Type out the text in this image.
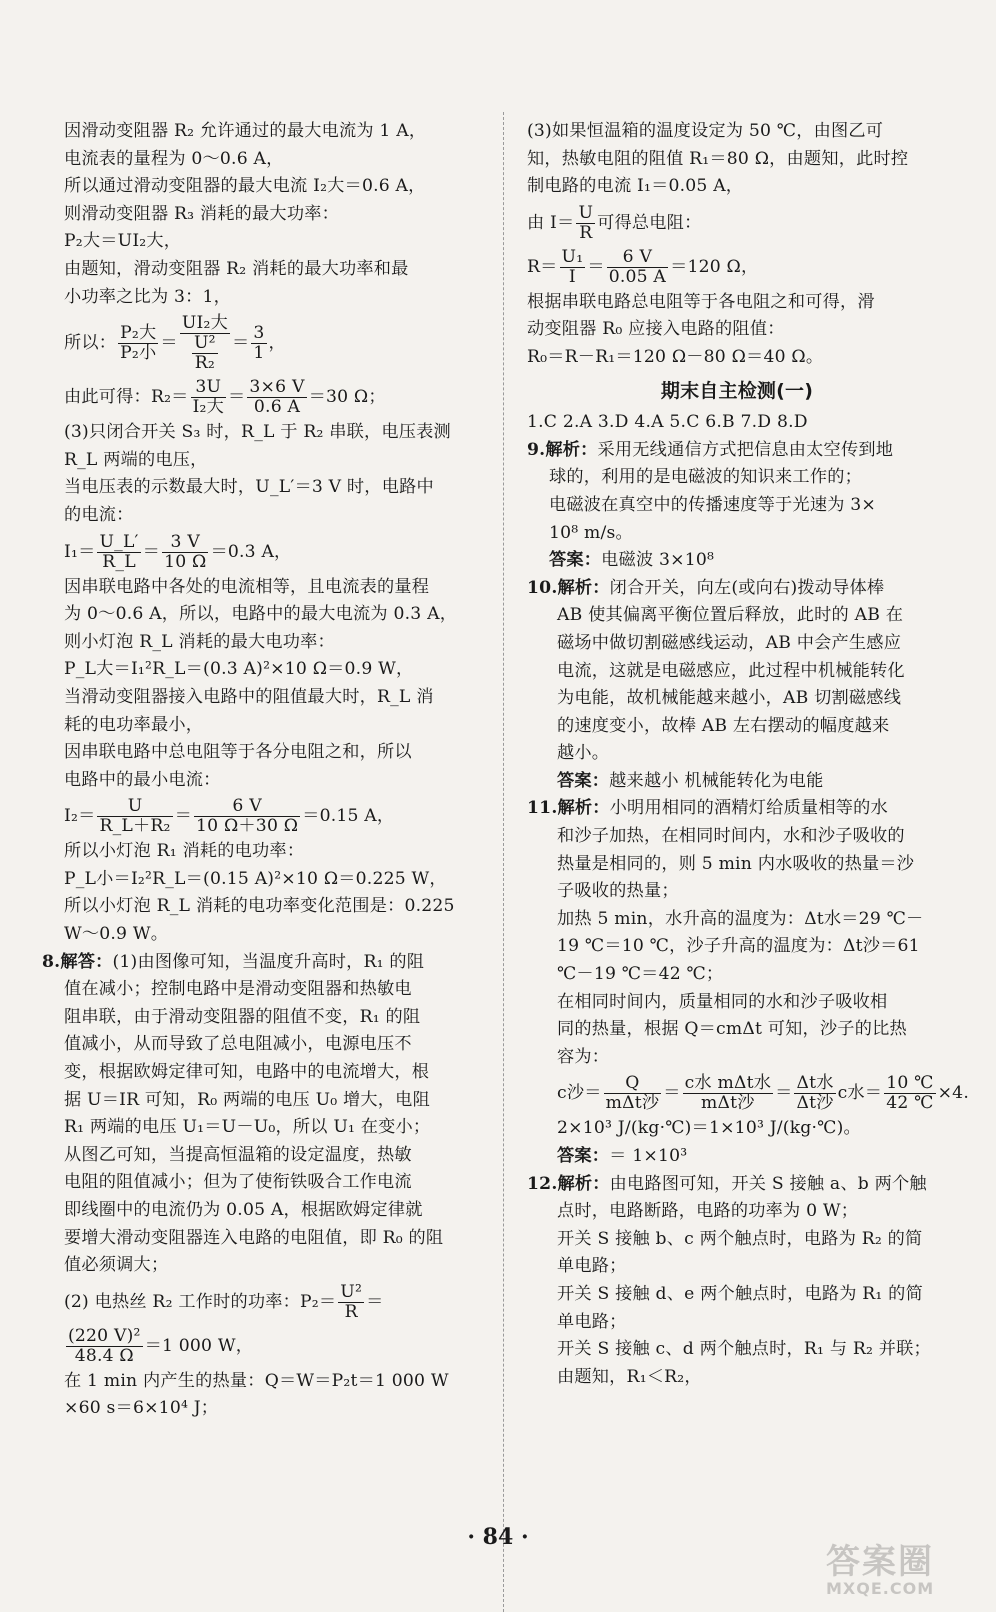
因滑动变阻器 R₂ 允许通过的最大电流为 1 A，
电流表的量程为 0～0.6 A，
所以通过滑动变阻器的最大电流 I₂大＝0.6 A，
则滑动变阻器 R₃ 消耗的最大功率：
P₂大＝UI₂大，
由题知，滑动变阻器 R₂ 消耗的最大功率和最
小功率之比为 3：1，
所以： $\frac{\text{P₂大}}{\text{P₂小}} = \frac{\text{UI₂大}}{\frac{\text{U²}}{\text{R₂}}} = \frac{3}{1}$ ，
由此可得：$R_2= \frac{3U}{\text{I₂大}} = \frac{3\times 6 V}{0.6 A} =30$ Ω；
(3)只闭合开关 S₃ 时，R_L 于 R₂ 串联，电压表测
R_L 两端的电压，
当电压表的示数最大时，U_L′＝3 V 时，电路中
的电流：
$I_1= \frac{U\_L'}{R\_L} = \frac{3 V}{10 \Omega} =0.3$ A，
因串联电路中各处的电流相等，且电流表的量程
为 0～0.6 A，所以，电路中的最大电流为 0.3 A，
则小灯泡 R_L 消耗的最大电功率：
P_L大＝I₁²R_L＝(0.3 A)²×10 Ω＝0.9 W，
当滑动变阻器接入电路中的阻值最大时，R_L 消
耗的电功率最小，
因串联电路中总电阻等于各分电阻之和，所以
电路中的最小电流：
$I_2= \frac{U}{\text{R\_L＋R₂}} = \frac{6 V}{10 \Omega+30 \Omega} =0.15$ A，
所以小灯泡 R₁ 消耗的电功率：
P_L小＝I₂²R_L＝(0.15 A)²×10 Ω＝0.225 W，
所以小灯泡 R_L 消耗的电功率变化范围是：0.225
W～0.9 W。
8.解答：(1)由图像可知，当温度升高时，R₁ 的阻
值在减小；控制电路中是滑动变阻器和热敏电
阻串联，由于滑动变阻器的阻值不变，R₁ 的阻
值减小，从而导致了总电阻减小，电源电压不
变，根据欧姆定律可知，电路中的电流增大，根
据 U＝IR 可知，R₀ 两端的电压 U₀ 增大，电阻
R₁ 两端的电压 U₁＝U－U₀，所以 U₁ 在变小；
从图乙可知，当提高恒温箱的设定温度，热敏
电阻的阻值减小；但为了使衔铁吸合工作电流
即线圈中的电流仍为 0.05 A，根据欧姆定律就
要增大滑动变阻器连入电路的电阻值，即 R₀ 的阻
值必须调大；
(2) 电热丝 R₂ 工作时的功率：$P_2= \frac{\text{U²}}{R}$ ＝
$\frac{\text{(220 V)²}}{48.4 \Omega} =1$ 000 W，
在 1 min 内产生的热量：Q＝W＝P₂t＝1 000 W
×60 s＝6×10⁴ J；
(3)如果恒温箱的温度设定为 50 ℃，由图乙可
知，热敏电阻的阻值 R₁＝80 Ω，由题知，此时控
制电路的电流 I₁＝0.05 A，
由 $I= \frac{U}{R}$ 可得总电阻：
$R= \frac{\text{U₁}}{I} = \frac{6 V}{0.05 A} =120$ Ω，
根据串联电路总电阻等于各电阻之和可得，滑
动变阻器 R₀ 应接入电路的阻值：
R₀＝R－R₁＝120 Ω－80 Ω＝40 Ω。
期末自主检测(一)
1.C 2.A 3.D 4.A 5.C 6.B 7.D 8.D
9.解析：采用无线通信方式把信息由太空传到地
球的，利用的是电磁波的知识来工作的；
电磁波在真空中的传播速度等于光速为 3×
10⁸ m/s。
答案：电磁波 3×10⁸
10.解析：闭合开关，向左(或向右)拨动导体棒
AB 使其偏离平衡位置后释放，此时的 AB 在
磁场中做切割磁感线运动，AB 中会产生感应
电流，这就是电磁感应，此过程中机械能转化
为电能，故机械能越来越小，AB 切割磁感线
的速度变小，故棒 AB 左右摆动的幅度越来
越小。
答案：越来越小 机械能转化为电能
11.解析：小明用相同的酒精灯给质量相等的水
和沙子加热，在相同时间内，水和沙子吸收的
热量是相同的，则 5 min 内水吸收的热量＝沙
子吸收的热量；
加热 5 min，水升高的温度为：Δt水＝29 ℃－
19 ℃＝10 ℃，沙子升高的温度为：Δt沙＝61
℃－19 ℃＝42 ℃；
在相同时间内，质量相同的水和沙子吸收相
同的热量，根据 Q＝cmΔt 可知，沙子的比热
容为：
c沙＝ $\frac{Q}{\text{mΔt沙}} = \frac{\text{c水 mΔt水}}{\text{mΔt沙}} = \frac{\text{Δt水}}{\text{Δt沙}}$ c水＝ $\frac{10 ℃}{42 ℃} \times 4$.
2×10³ J/(kg·℃)＝1×10³ J/(kg·℃)。
答案：＝ 1×10³
12.解析：由电路图可知，开关 S 接触 a、b 两个触
点时，电路断路，电路的功率为 0 W；
开关 S 接触 b、c 两个触点时，电路为 R₂ 的简
单电路；
开关 S 接触 d、e 两个触点时，电路为 R₁ 的简
单电路；
开关 S 接触 c、d 两个触点时，R₁ 与 R₂ 并联；
由题知，R₁＜R₂，
· 84 ·
答案圈
MXQE.COM
